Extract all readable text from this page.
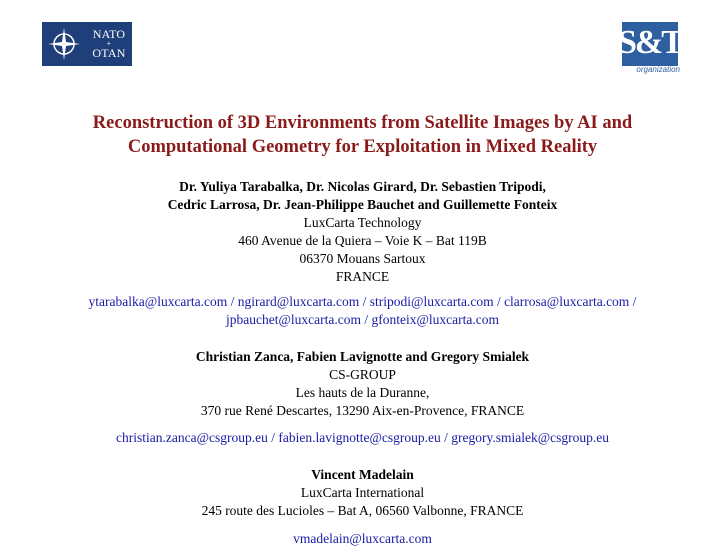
NATO
+
OTAN	S&T
organization
Reconstruction of 3D Environments from Satellite Images by AI and
Computational Geometry for Exploitation in Mixed Reality
Dr. Yuliya Tarabalka, Dr. Nicolas Girard, Dr. Sebastien Tripodi,
Cedric Larrosa, Dr. Jean-Philippe Bauchet and Guillemette Fonteix
LuxCarta Technology
460 Avenue de la Quiera – Voie K – Bat 119B
06370 Mouans Sartoux
FRANCE
ytarabalka@luxcarta.com / ngirard@luxcarta.com / stripodi@luxcarta.com / clarrosa@luxcarta.com /
jpbauchet@luxcarta.com / gfonteix@luxcarta.com
Christian Zanca, Fabien Lavignotte and Gregory Smialek
CS-GROUP
Les hauts de la Duranne,
370 rue René Descartes, 13290 Aix-en-Provence, FRANCE
christian.zanca@csgroup.eu / fabien.lavignotte@csgroup.eu / gregory.smialek@csgroup.eu
Vincent Madelain
LuxCarta International
245 route des Lucioles – Bat A, 06560 Valbonne, FRANCE
vmadelain@luxcarta.com
